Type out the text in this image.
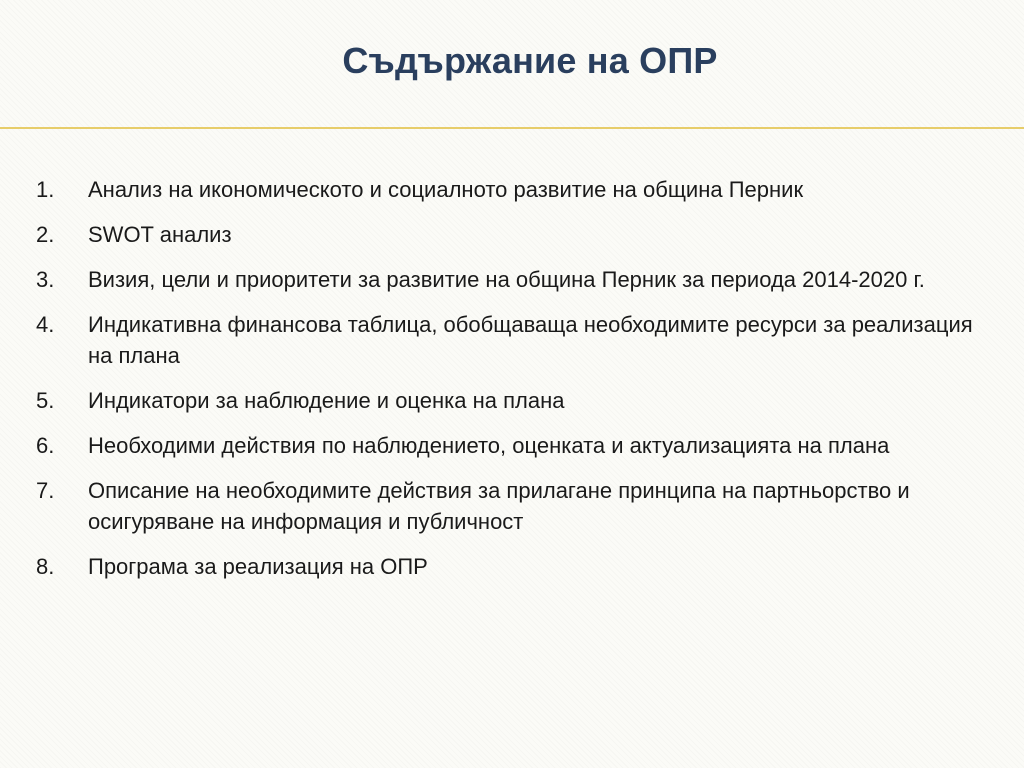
Съдържание на ОПР
1.	Анализ на икономическото и социалното развитие на община Перник
2.	SWOT анализ
3.	Визия, цели и приоритети за развитие на община Перник за периода 2014-2020 г.
4.	Индикативна финансова таблица, обобщаваща необходимите ресурси за реализация на плана
5.	Индикатори за наблюдение и оценка на плана
6.	Необходими действия по наблюдението, оценката и актуализацията на плана
7.	Описание на необходимите действия за прилагане принципа на партньорство и осигуряване на информация и публичност
8.	Програма за реализация на ОПР
